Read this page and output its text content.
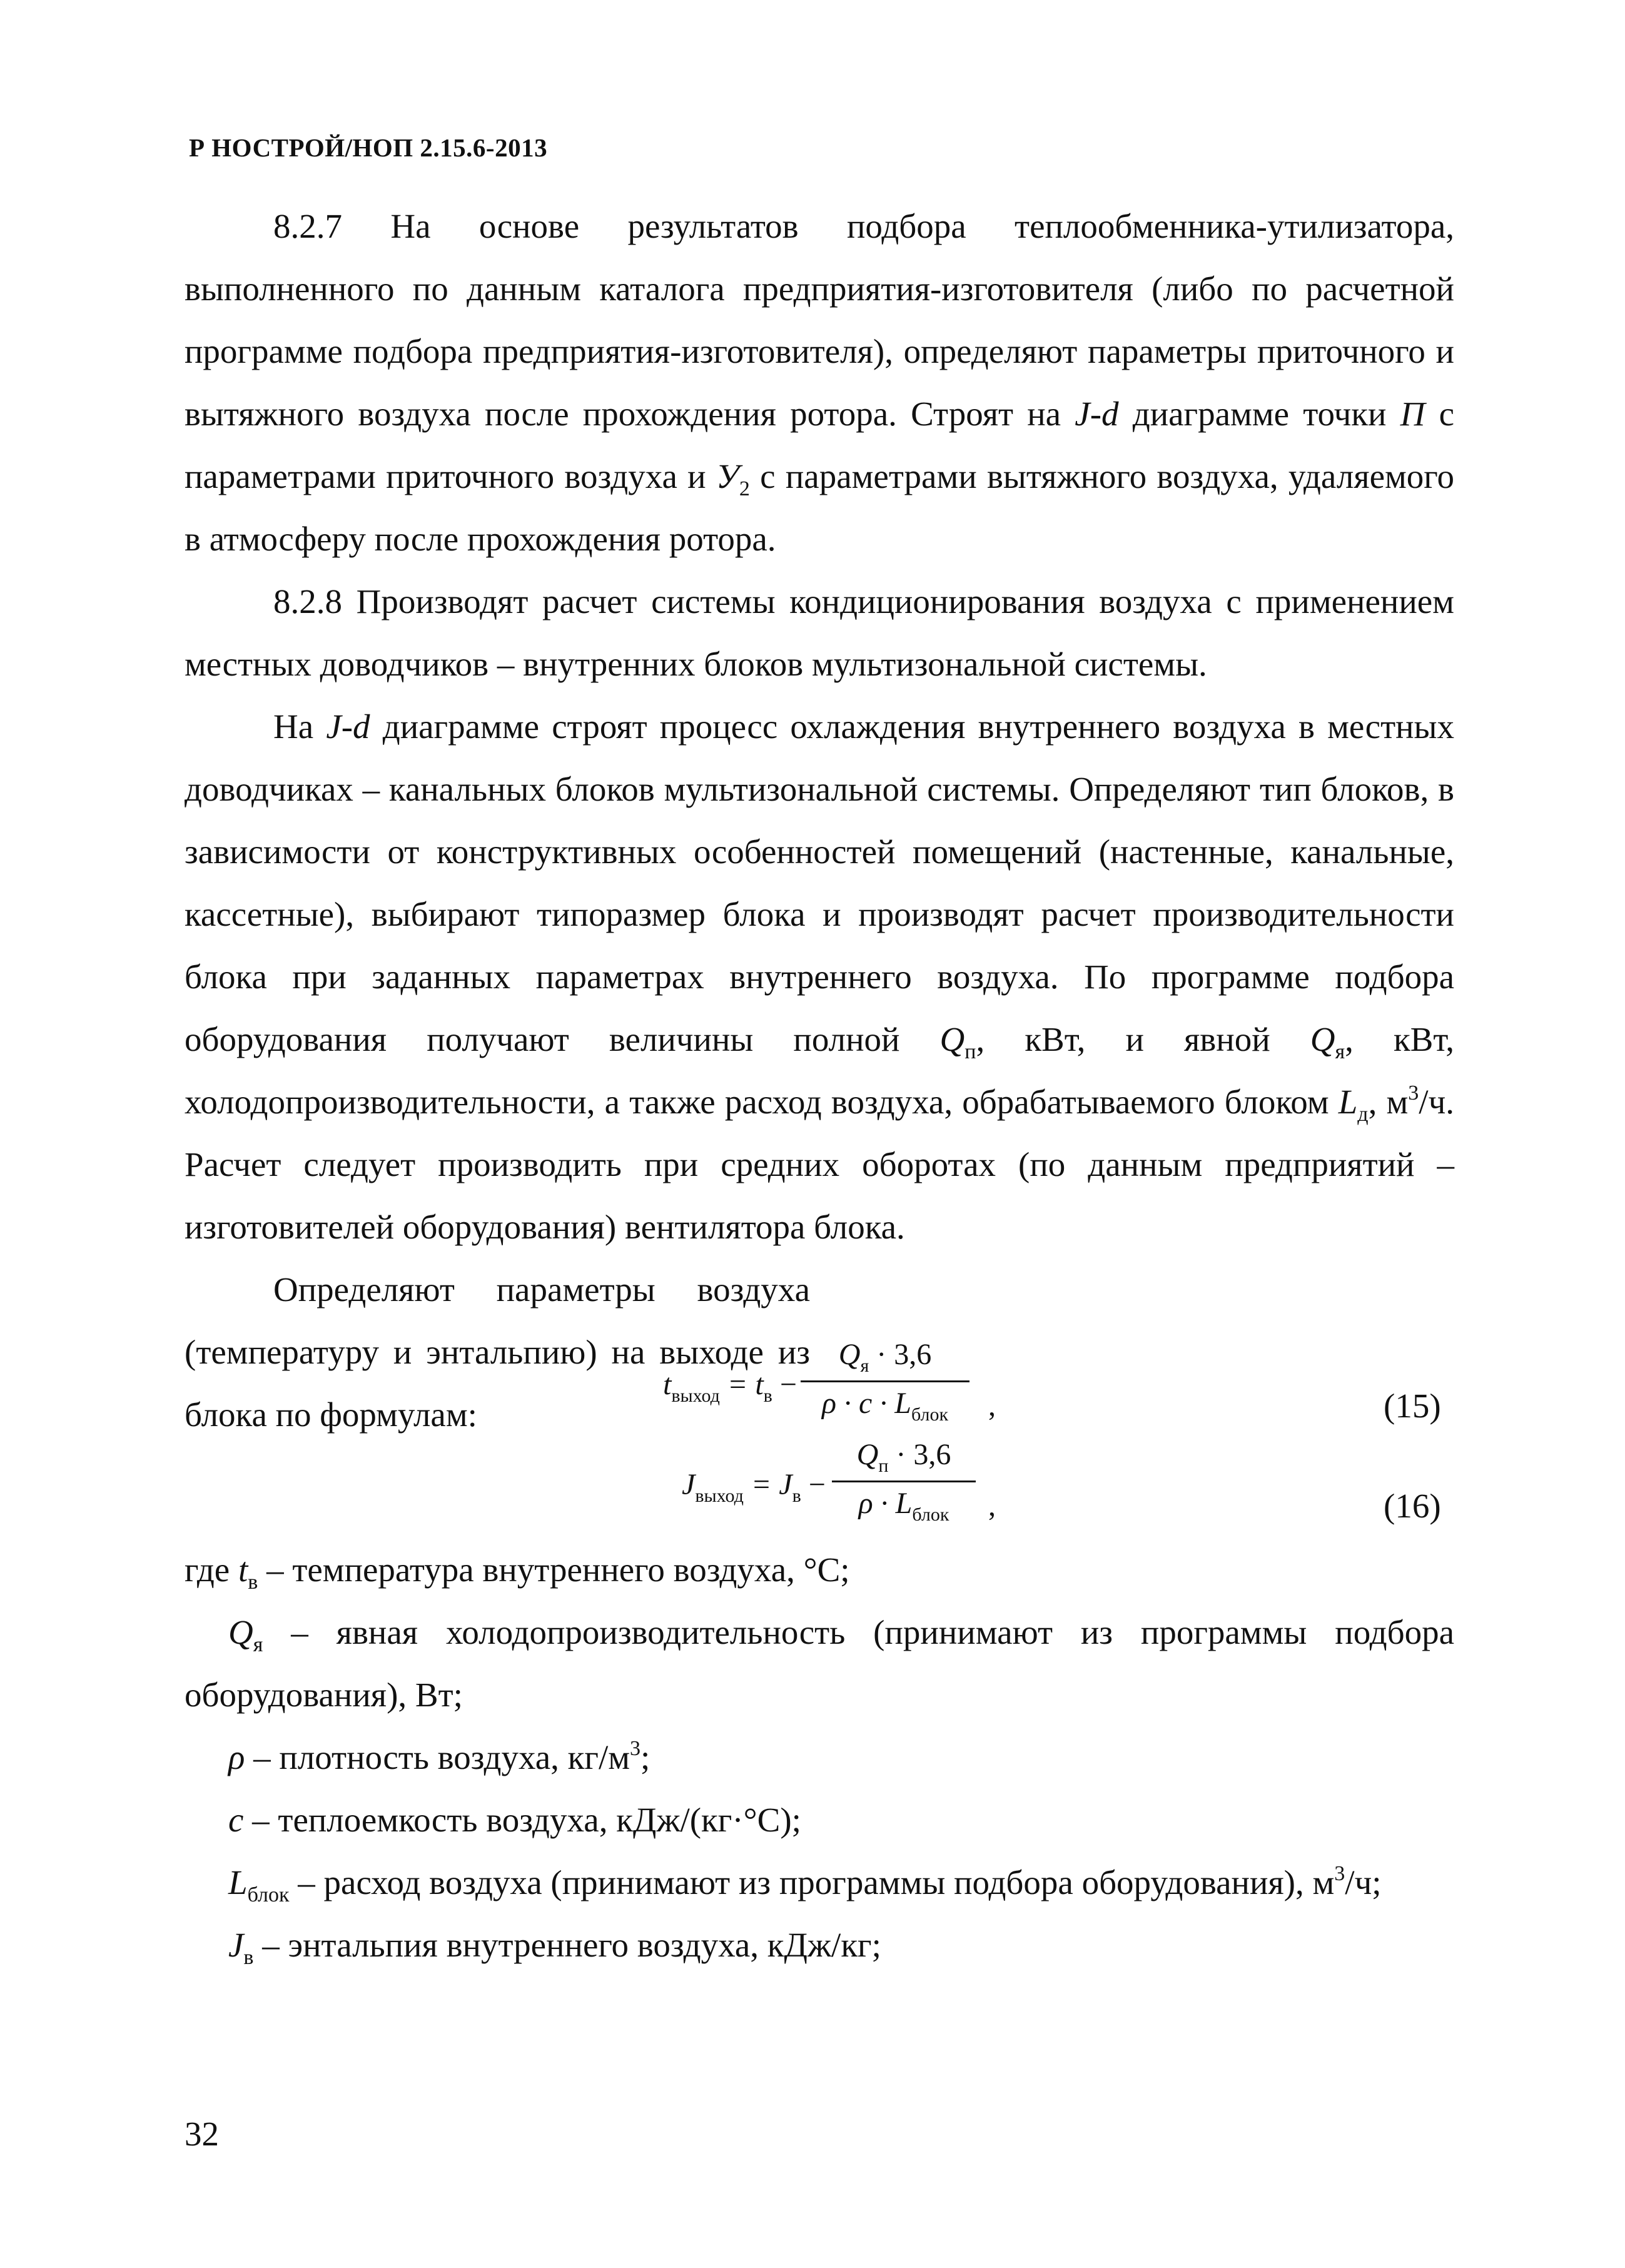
Р НОСТРОЙ/НОП 2.15.6-2013

8.2.7 На основе результатов подбора теплообменника-утилизатора, выполненного по данным каталога предприятия-изготовителя (либо по расчетной программе подбора предприятия-изготовителя), определяют параметры приточного и вытяжного воздуха после прохождения ротора. Строят на J-d диаграмме точки П с параметрами приточного воздуха и $У_2$ с параметрами вытяжного воздуха, удаляемого в атмосферу после прохождения ротора.

8.2.8 Производят расчет системы кондиционирования воздуха с применением местных доводчиков – внутренних блоков мультизональной системы.

На J-d диаграмме строят процесс охлаждения внутреннего воздуха в местных доводчиках – канальных блоков мультизональной системы. Определяют тип блоков, в зависимости от конструктивных особенностей помещений (настенные, канальные, кассетные), выбирают типоразмер блока и производят расчет производительности блока при заданных параметрах внутреннего воздуха. По программе подбора оборудования получают величины полной $Q_п$, кВт, и явной $Q_я$, кВт, холодопроизводительности, а также расход воздуха, обрабатываемого блоком $L_д$, $м^3/ч$. Расчет следует производить при средних оборотах (по данным предприятий – изготовителей оборудования) вентилятора блока.

Определяют параметры воздуха (температуру и энтальпию) на выходе из блока по формулам:

$t_{выход} = t_в$ −
$Q_я \cdot 3,6$
$\rho \cdot c \cdot L_{блок}$	,	(15)
$J_{выход} = J_в$ −
$Q_п \cdot 3,6$
$\rho \cdot L_{блок}$	,	(16)

где $t_в$ – температура внутреннего воздуха, °С;

$Q_я$ – явная холодопроизводительность (принимают из программы подбора оборудования), Вт;

ρ – плотность воздуха, $кг/м^3$;

c – теплоемкость воздуха, кДж/(кг·°С);

$L_{блок}$ – расход воздуха (принимают из программы подбора оборудования), $м^3/ч$;

$J_в$ – энтальпия внутреннего воздуха, кДж/кг;

32
